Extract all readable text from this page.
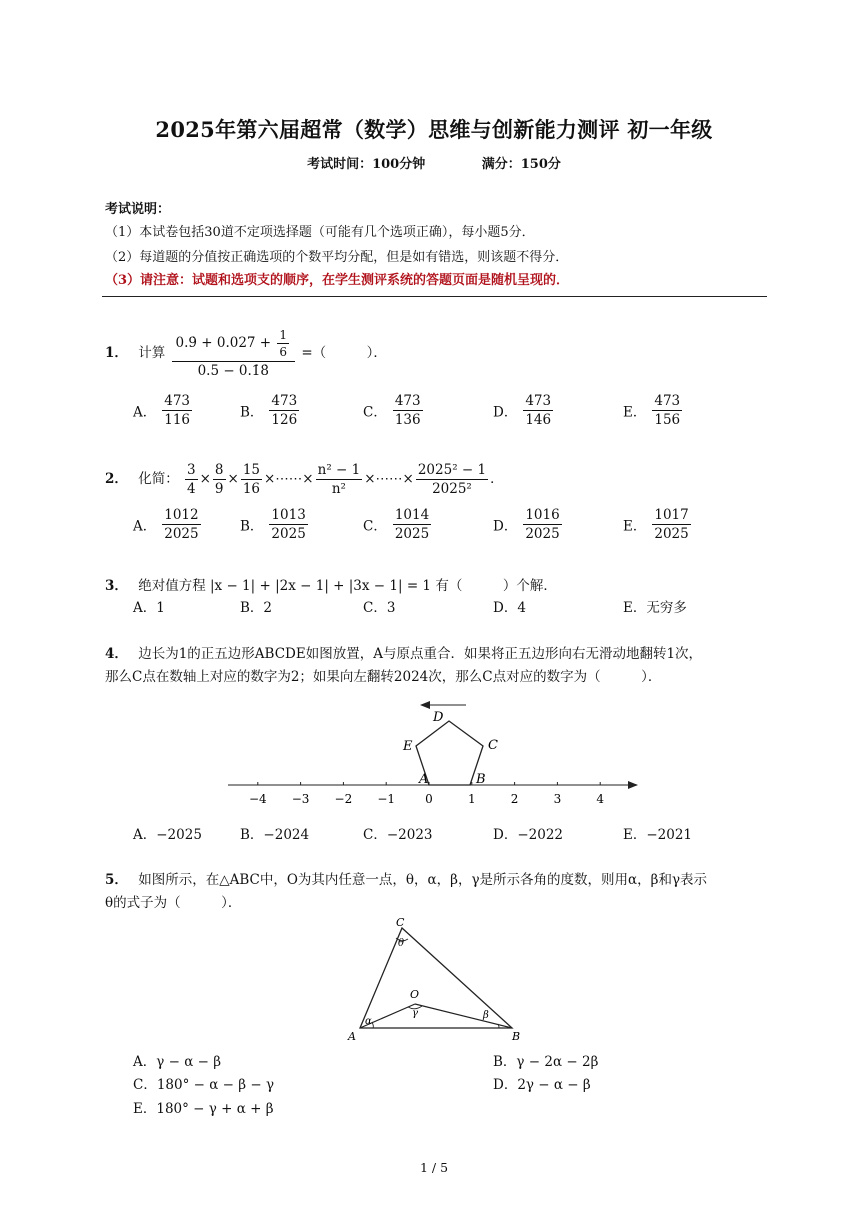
2025年第六届超常（数学）思维与创新能力测评 初一年级
考试时间：100分钟	满分：150分
考试说明：
（1）本试卷包括30道不定项选择题（可能有几个选项正确），每小题5分．
（2）每道题的分值按正确选项的个数平均分配，但是如有错选，则该题不得分．
（3）请注意：试题和选项支的顺序，在学生测评系统的答题页面是随机呈现的．
1． 计算 $\frac{0.9̇ + 0.027̇ + \frac{1}{6}}{0.5 - 0.1̇8̇}$ =（　　　）．
A． $\frac{473}{116}$	B． $\frac{473}{126}$	C． $\frac{473}{136}$	D． $\frac{473}{146}$	E． $\frac{473}{156}$
2． 化简： $\frac{3}{4} \times \frac{8}{9} \times \frac{15}{16}$ ×⋯⋯× $\frac{\text{n² − 1}}{\text{n²}}$ ×⋯⋯× $\frac{\text{2025² − 1}}{\text{2025²}}$ ．
A． $\frac{1012}{2025}$	B． $\frac{1013}{2025}$	C． $\frac{1014}{2025}$	D． $\frac{1016}{2025}$	E． $\frac{1017}{2025}$
3． 绝对值方程 |x − 1| + |2x − 1| + |3x − 1| = 1 有（　　　）个解．
A．1	B．2	C．3	D．4	E．无穷多
4． 边长为1的正五边形ABCDE如图放置，A与原点重合．如果将正五边形向右无滑动地翻转1次，
那么C点在数轴上对应的数字为2；如果向左翻转2024次，那么C点对应的数字为（　　　）．
−4 −3 −2 −1	0	1	2	3	4
A	B
C
D
E
A．−2025	B．−2024	C．−2023	D．−2022	E．−2021
5． 如图所示，在△ABC中，O为其内任意一点，θ，α，β，γ是所示各角的度数，则用α，β和γ表示
θ的式子为（　　　）．
A	B
C
O
α
β
γ
θ
A．γ − α − β	B．γ − 2α − 2β
C．180° − α − β − γ	D．2γ − α − β
E．180° − γ + α + β
1 / 5
